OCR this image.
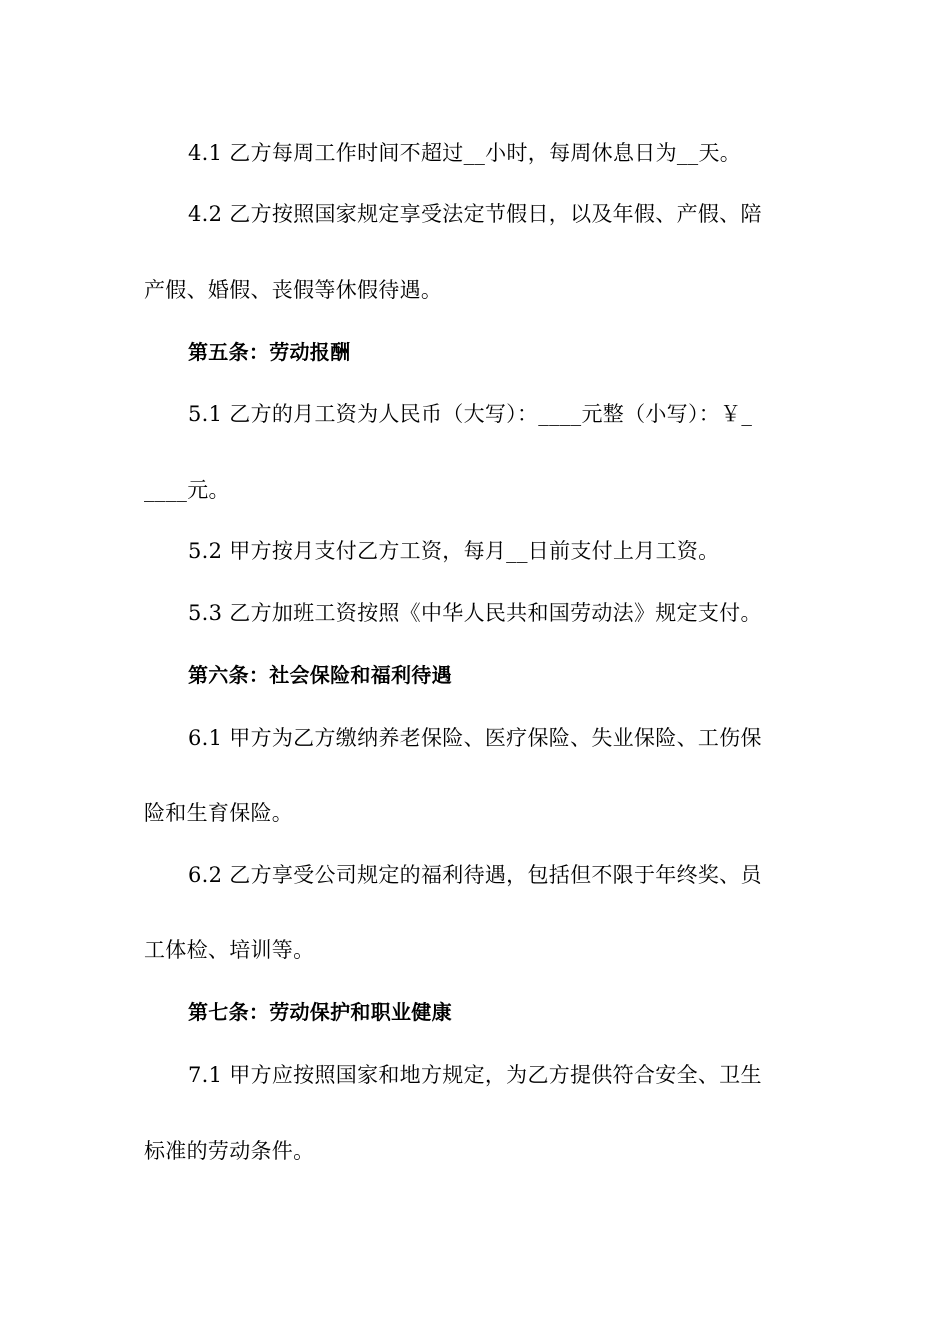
4.1 乙方每周工作时间不超过__小时，每周休息日为__天。
4.2 乙方按照国家规定享受法定节假日，以及年假、产假、陪
产假、婚假、丧假等休假待遇。
第五条：劳动报酬
5.1 乙方的月工资为人民币（大写）：____元整（小写）：￥_
____元。
5.2 甲方按月支付乙方工资，每月__日前支付上月工资。
5.3 乙方加班工资按照《中华人民共和国劳动法》规定支付。
第六条：社会保险和福利待遇
6.1 甲方为乙方缴纳养老保险、医疗保险、失业保险、工伤保
险和生育保险。
6.2 乙方享受公司规定的福利待遇，包括但不限于年终奖、员
工体检、培训等。
第七条：劳动保护和职业健康
7.1 甲方应按照国家和地方规定，为乙方提供符合安全、卫生
标准的劳动条件。
